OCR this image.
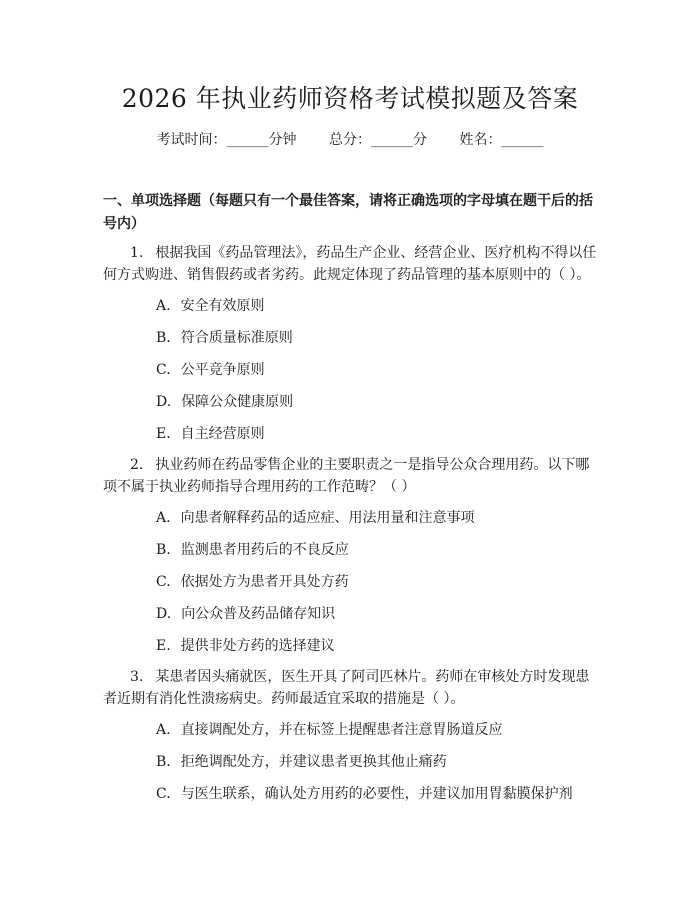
2026 年执业药师资格考试模拟题及答案
考试时间：______分钟 总分：______分 姓名：______
一、单项选择题（每题只有一个最佳答案，请将正确选项的字母填在题干后的括号内）
1. 根据我国《药品管理法》，药品生产企业、经营企业、医疗机构不得以任何方式购进、销售假药或者劣药。此规定体现了药品管理的基本原则中的（ ）。
A. 安全有效原则
B. 符合质量标准原则
C. 公平竞争原则
D. 保障公众健康原则
E. 自主经营原则
2. 执业药师在药品零售企业的主要职责之一是指导公众合理用药。以下哪项不属于执业药师指导合理用药的工作范畴？（ ）
A. 向患者解释药品的适应症、用法用量和注意事项
B. 监测患者用药后的不良反应
C. 依据处方为患者开具处方药
D. 向公众普及药品储存知识
E. 提供非处方药的选择建议
3. 某患者因头痛就医，医生开具了阿司匹林片。药师在审核处方时发现患者近期有消化性溃疡病史。药师最适宜采取的措施是（ ）。
A. 直接调配处方，并在标签上提醒患者注意胃肠道反应
B. 拒绝调配处方，并建议患者更换其他止痛药
C. 与医生联系，确认处方用药的必要性，并建议加用胃黏膜保护剂
